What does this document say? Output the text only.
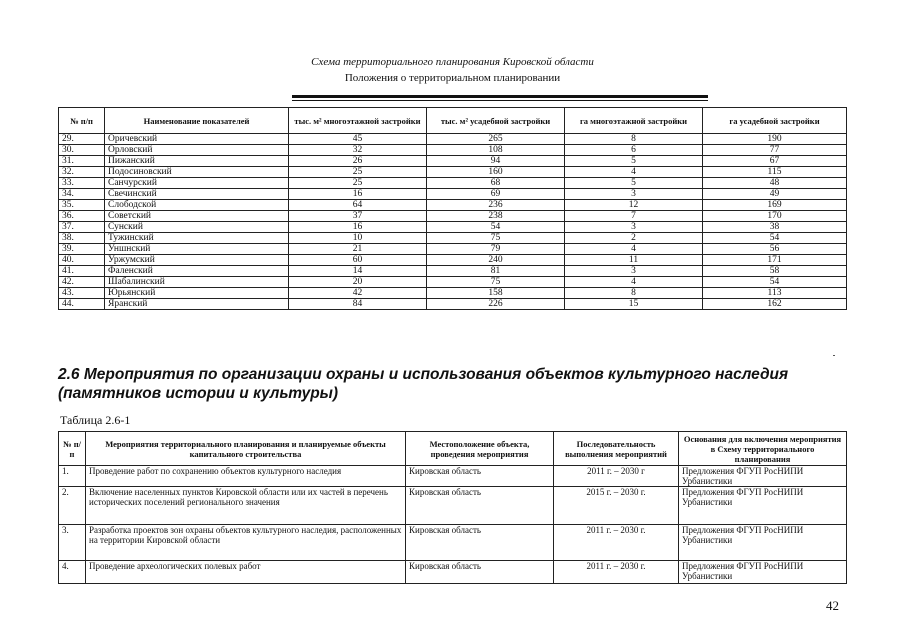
Схема территориального планирования Кировской области
Положения о территориальном планировании
№ п/п	Наименование показателей	тыс. м² многоэтажной застройки	тыс. м² усадебной застройки	га многоэтажной застройки	га усадебной застройки
29.	Оричевский	45	265	8	190
30.	Орловский	32	108	6	77
31.	Пижанский	26	94	5	67
32.	Подосиновский	25	160	4	115
33.	Санчурский	25	68	5	48
34.	Свечинский	16	69	3	49
35.	Слободской	64	236	12	169
36.	Советский	37	238	7	170
37.	Сунский	16	54	3	38
38.	Тужинский	10	75	2	54
39.	Уншнский	21	79	4	56
40.	Уржумский	60	240	11	171
41.	Фаленский	14	81	3	58
42.	Шабалинский	20	75	4	54
43.	Юрьянский	42	158	8	113
44.	Яранский	84	226	15	162
2.6 Мероприятия по организации охраны и использования объектов культурного наследия (памятников истории и культуры)
Таблица 2.6-1
№ п/п	Мероприятия территориального планирования и планируемые объекты капитального строительства	Местоположение объекта, проведения мероприятия	Последовательность выполнения мероприятий	Основания для включения мероприятия в Схему территориального планирования
1.	Проведение работ по сохранению объектов культурного наследия	Кировская область	2011 г. – 2030 г	Предложения ФГУП РосНИПИ Урбанистики
2.	Включение населенных пунктов Кировской области или их частей в перечень исторических поселений регионального значения	Кировская область	2015 г. – 2030 г.	Предложения ФГУП РосНИПИ Урбанистики
3.	Разработка проектов зон охраны объектов культурного наследия, расположенных на территории Кировской области	Кировская область	2011 г. – 2030 г.	Предложения ФГУП РосНИПИ Урбанистики
4.	Проведение археологических полевых работ	Кировская область	2011 г. – 2030 г.	Предложения ФГУП РосНИПИ Урбанистики
42
